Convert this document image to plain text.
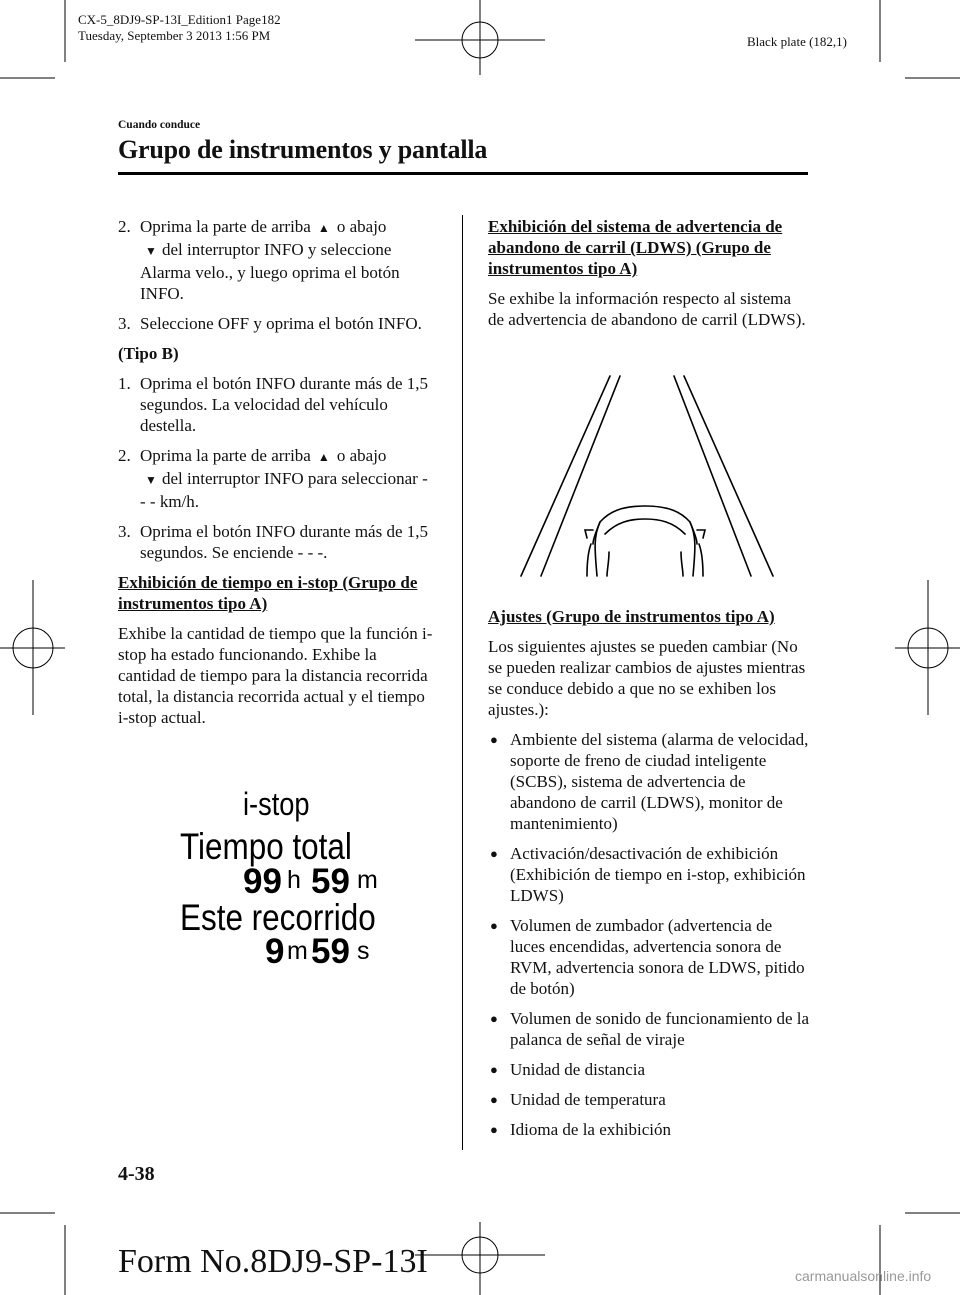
CX-5_8DJ9-SP-13I_Edition1 Page182
Tuesday, September 3 2013 1:56 PM	Black plate (182,1)
Cuando conduce
Grupo de instrumentos y pantalla
2. Oprima la parte de arriba ▲ o abajo
▼ del interruptor INFO y seleccione Alarma velo., y luego oprima el botón INFO.
3. Seleccione OFF y oprima el botón INFO.
(Tipo B)
1. Oprima el botón INFO durante más de 1,5 segundos. La velocidad del vehículo destella.
2. Oprima la parte de arriba ▲ o abajo
▼ del interruptor INFO para seleccionar - - - km/h.
3. Oprima el botón INFO durante más de 1,5 segundos. Se enciende - - -.
Exhibición de tiempo en i-stop (Grupo de instrumentos tipo A)
Exhibe la cantidad de tiempo que la función i-stop ha estado funcionando. Exhibe la cantidad de tiempo para la distancia recorrida total, la distancia recorrida actual y el tiempo i-stop actual.
i-stop
Tiempo total
99 h 59 m
Este recorrido
9 m 59 s
Exhibición del sistema de advertencia de abandono de carril (LDWS) (Grupo de instrumentos tipo A)
Se exhibe la información respecto al sistema de advertencia de abandono de carril (LDWS).
Ajustes (Grupo de instrumentos tipo A)
Los siguientes ajustes se pueden cambiar (No se pueden realizar cambios de ajustes mientras se conduce debido a que no se exhiben los ajustes.):
● Ambiente del sistema (alarma de velocidad, soporte de freno de ciudad inteligente (SCBS), sistema de advertencia de abandono de carril (LDWS), monitor de mantenimiento)
● Activación/desactivación de exhibición (Exhibición de tiempo en i-stop, exhibición LDWS)
● Volumen de zumbador (advertencia de luces encendidas, advertencia sonora de RVM, advertencia sonora de LDWS, pitido de botón)
● Volumen de sonido de funcionamiento de la palanca de señal de viraje
● Unidad de distancia
● Unidad de temperatura
● Idioma de la exhibición
4-38
Form No.8DJ9-SP-13I	carmanualsonline.info
